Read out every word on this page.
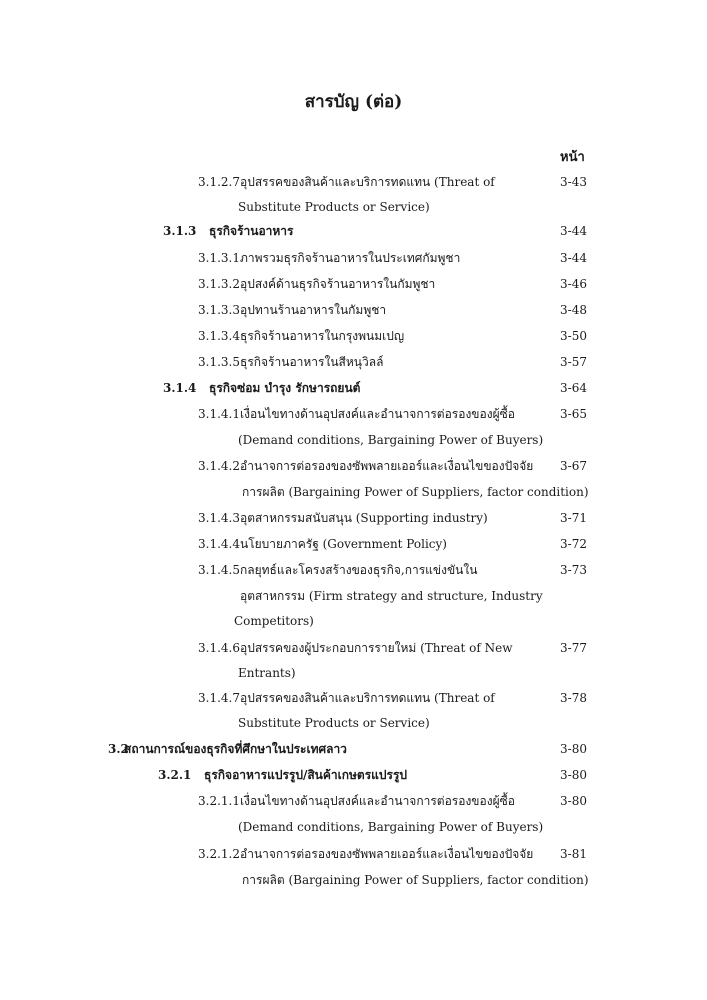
สารบัญ (ต่อ)
หน้า
3.1.2.7อุปสรรคของสินค้าและบริการทดแทน (Threat of	3-43
Substitute Products or Service)
3.1.3 ธุรกิจร้านอาหาร	3-44
3.1.3.1ภาพรวมธุรกิจร้านอาหารในประเทศกัมพูชา	3-44
3.1.3.2อุปสงค์ด้านธุรกิจร้านอาหารในกัมพูชา	3-46
3.1.3.3อุปทานร้านอาหารในกัมพูชา	3-48
3.1.3.4ธุรกิจร้านอาหารในกรุงพนมเปญ	3-50
3.1.3.5ธุรกิจร้านอาหารในสีหนุวิลล์	3-57
3.1.4 ธุรกิจซ่อม บำรุง รักษารถยนต์	3-64
3.1.4.1เงื่อนไขทางด้านอุปสงค์และอำนาจการต่อรองของผู้ซื้อ	3-65
(Demand conditions, Bargaining Power of Buyers)
3.1.4.2อำนาจการต่อรองของซัพพลายเออร์และเงื่อนไขของปัจจัย 3-67
การผลิต (Bargaining Power of Suppliers, factor condition)
3.1.4.3อุตสาหกรรมสนับสนุน (Supporting industry)	3-71
3.1.4.4นโยบายภาครัฐ (Government Policy)	3-72
3.1.4.5กลยุทธ์และโครงสร้างของธุรกิจ,การแข่งขันใน	3-73
อุตสาหกรรม (Firm strategy and structure, Industry
Competitors)
3.1.4.6อุปสรรคของผู้ประกอบการรายใหม่ (Threat of New	3-77
Entrants)
3.1.4.7อุปสรรคของสินค้าและบริการทดแทน (Threat of	3-78
Substitute Products or Service)
3.2สถานการณ์ของธุรกิจที่ศึกษาในประเทศลาว	3-80
3.2.1 ธุรกิจอาหารแปรรูป/สินค้าเกษตรแปรรูป	3-80
3.2.1.1เงื่อนไขทางด้านอุปสงค์และอำนาจการต่อรองของผู้ซื้อ	3-80
(Demand conditions, Bargaining Power of Buyers)
3.2.1.2อำนาจการต่อรองของซัพพลายเออร์และเงื่อนไขของปัจจัย 3-81
การผลิต (Bargaining Power of Suppliers, factor condition)
